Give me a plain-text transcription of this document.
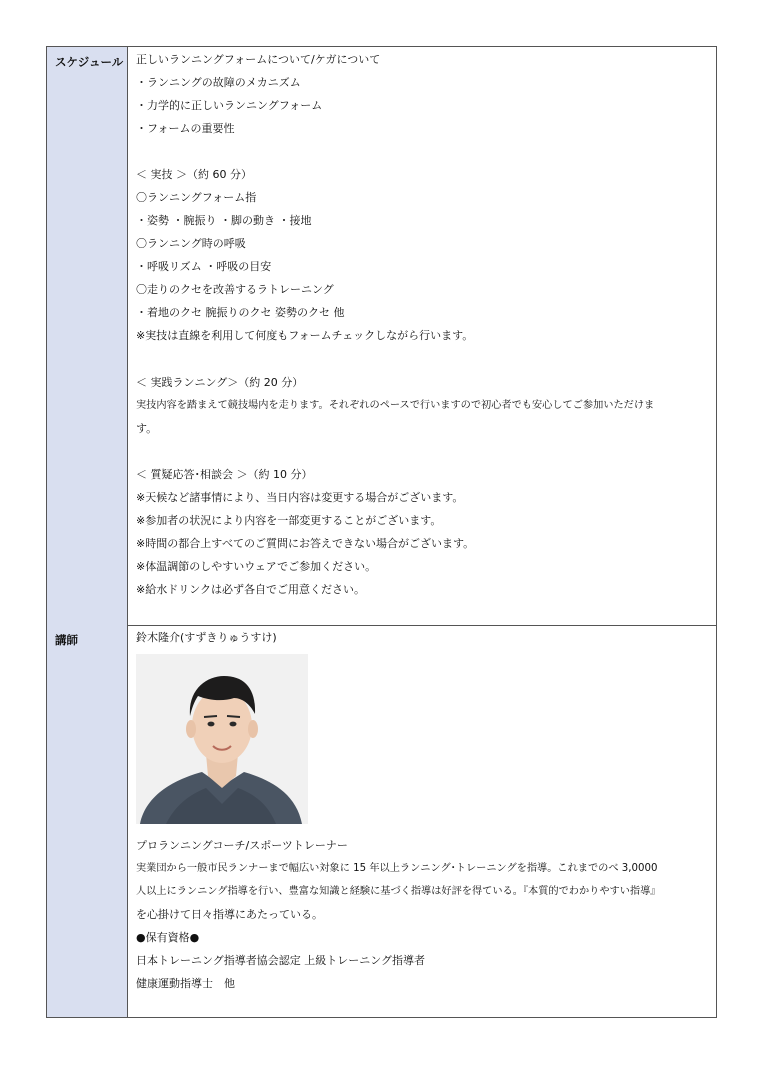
スケジュール 正しいランニングフォームについて/ケガについて
・ランニングの故障のメカニズム
・力学的に正しいランニングフォーム
・フォームの重要性
＜ 実技 ＞（約 60 分）
〇ランニングフォーム指
・姿勢 ・腕振り ・脚の動き ・接地
〇ランニング時の呼吸
・呼吸リズム ・呼吸の目安
〇走りのクセを改善するラトレーニング
・着地のクセ 腕振りのクセ 姿勢のクセ 他
※実技は直線を利用して何度もフォームチェックしながら行います。
＜ 実践ランニング＞（約 20 分）
実技内容を踏まえて競技場内を走ります。それぞれのペースで行いますので初心者でも安心してご参加いただけま
す。
＜ 質疑応答･相談会 ＞（約 10 分）
※天候など諸事情により、当日内容は変更する場合がございます。
※参加者の状況により内容を一部変更することがございます。
※時間の都合上すべてのご質問にお答えできない場合がございます。
※体温調節のしやすいウェアでご参加ください。
※給水ドリンクは必ず各自でご用意ください。
講師	鈴木隆介(すずきりゅうすけ)
プロランニングコーチ/スポーツトレーナー
実業団から一般市民ランナーまで幅広い対象に 15 年以上ランニング･トレーニングを指導。これまでのべ 3,0000
人以上にランニング指導を行い、豊富な知識と経験に基づく指導は好評を得ている。『本質的でわかりやすい指導』
を心掛けて日々指導にあたっている。
●保有資格●
日本トレーニング指導者協会認定 上級トレーニング指導者
健康運動指導士　他
